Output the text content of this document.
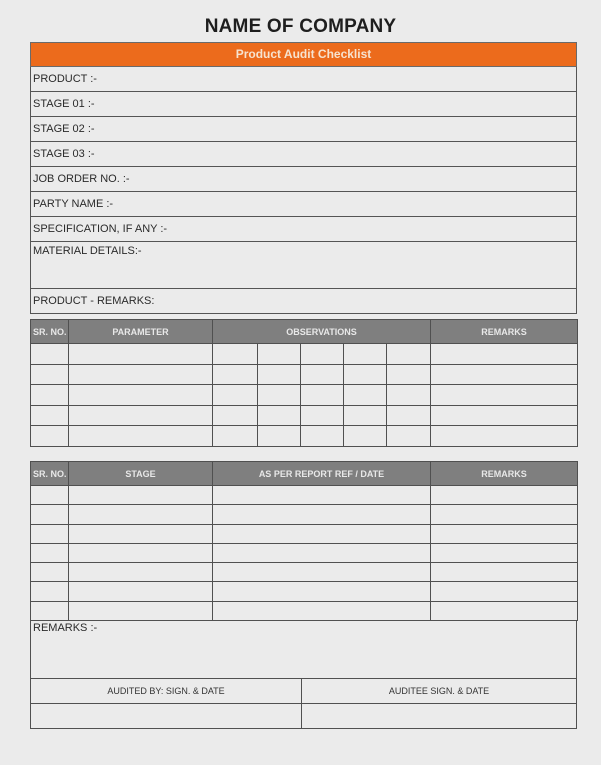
NAME OF COMPANY
Product Audit Checklist
PRODUCT :-
STAGE 01 :-
STAGE 02 :-
STAGE 03 :-
JOB ORDER NO. :-
PARTY NAME :-
SPECIFICATION, IF ANY :-
MATERIAL DETAILS:-
PRODUCT - REMARKS:
SR. NO.	PARAMETER	OBSERVATIONS					REMARKS

SR. NO.	STAGE	AS PER REPORT REF / DATE	REMARKS

REMARKS :-
AUDITED BY: SIGN. & DATE	AUDITEE SIGN. & DATE
